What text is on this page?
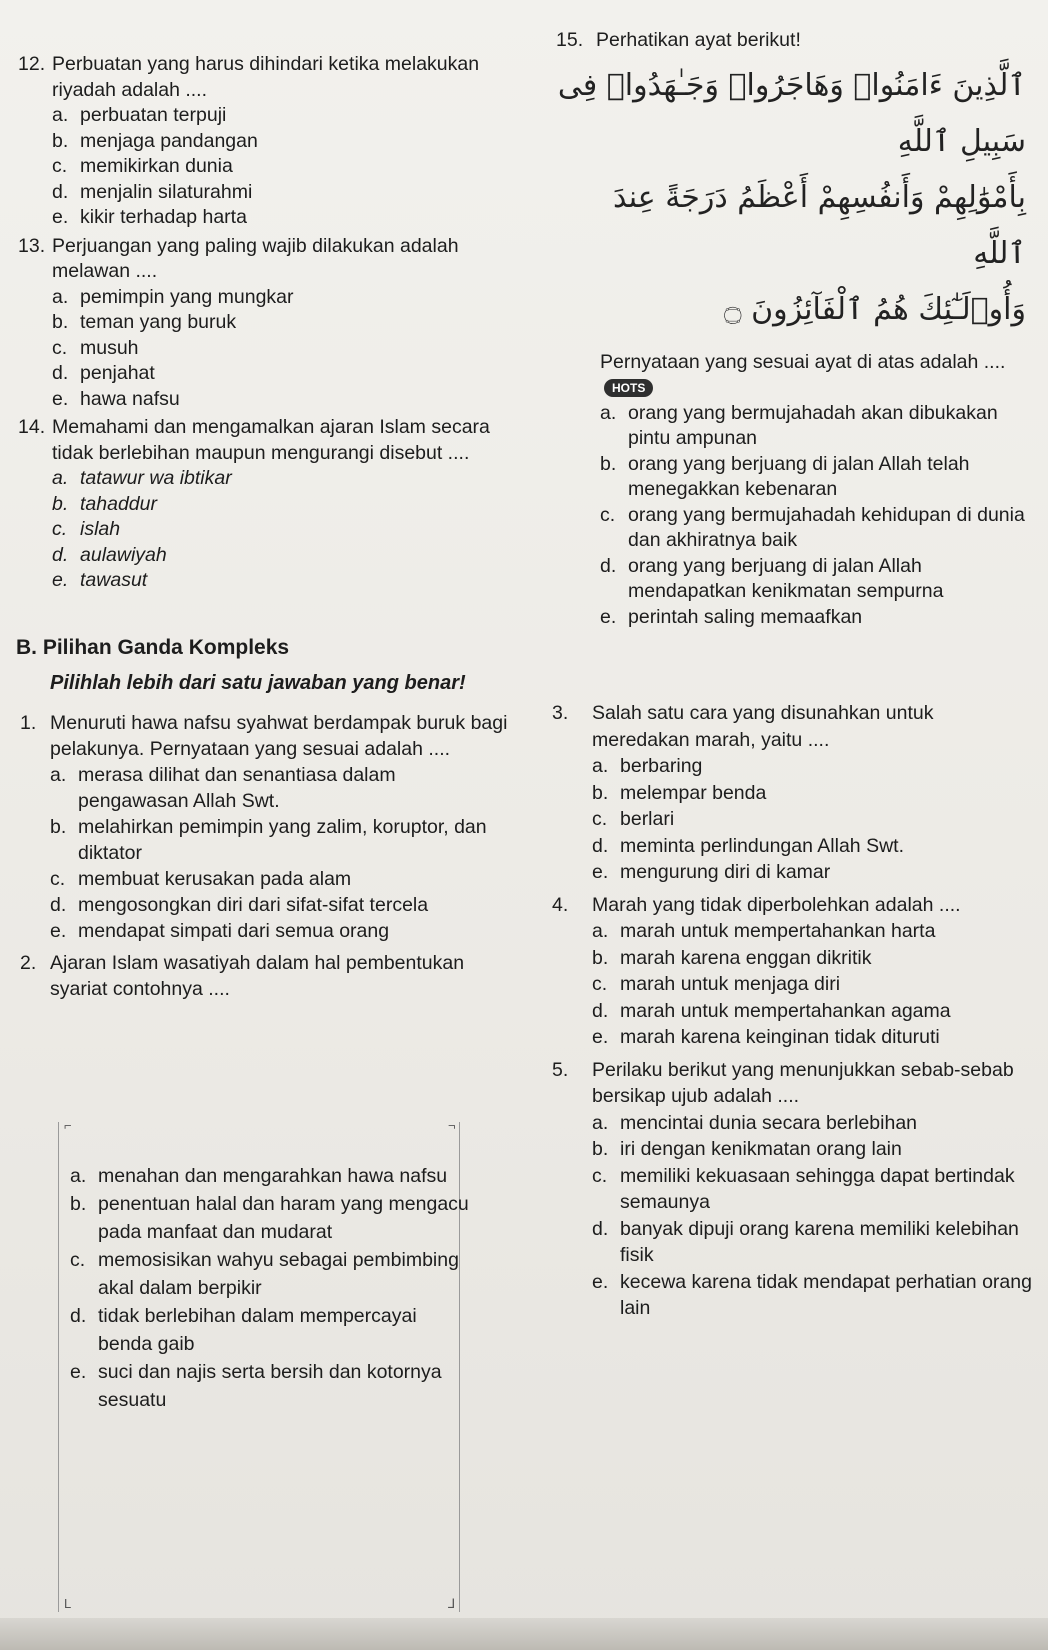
12. Perbuatan yang harus dihindari ketika melakukan riyadah adalah ....
a. perbuatan terpuji
b. menjaga pandangan
c. memikirkan dunia
d. menjalin silaturahmi
e. kikir terhadap harta
13. Perjuangan yang paling wajib dilakukan adalah melawan ....
a. pemimpin yang mungkar
b. teman yang buruk
c. musuh
d. penjahat
e. hawa nafsu
14. Memahami dan mengamalkan ajaran Islam secara tidak berlebihan maupun mengurangi disebut ....
a. tatawur wa ibtikar
b. tahaddur
c. islah
d. aulawiyah
e. tawasut
15. Perhatikan ayat berikut!
ٱلَّذِينَ ءَامَنُوا۟ وَهَاجَرُوا۟ وَجَـٰهَدُوا۟ فِى سَبِيلِ ٱللَّهِ
بِأَمْوَٰلِهِمْ وَأَنفُسِهِمْ أَعْظَمُ دَرَجَةً عِندَ ٱللَّهِ
وَأُو۟لَـٰٓئِكَ هُمُ ٱلْفَآئِزُونَ ۝
Pernyataan yang sesuai ayat di atas adalah ....HOTS
a. orang yang bermujahadah akan dibukakan pintu ampunan
b. orang yang berjuang di jalan Allah telah menegakkan kebenaran
c. orang yang bermujahadah kehidupan di dunia dan akhiratnya baik
d. orang yang berjuang di jalan Allah mendapatkan kenikmatan sempurna
e. perintah saling memaafkan
B. Pilihan Ganda Kompleks
Pilihlah lebih dari satu jawaban yang benar!
1. Menuruti hawa nafsu syahwat berdampak buruk bagi pelakunya. Pernyataan yang sesuai adalah ....
a. merasa dilihat dan senantiasa dalam pengawasan Allah Swt.
b. melahirkan pemimpin yang zalim, koruptor, dan diktator
c. membuat kerusakan pada alam
d. mengosongkan diri dari sifat-sifat tercela
e. mendapat simpati dari semua orang
2. Ajaran Islam wasatiyah dalam hal pembentukan syariat contohnya ....
⌐	¬
L	⅃
a. menahan dan mengarahkan hawa nafsu
b. penentuan halal dan haram yang mengacu pada manfaat dan mudarat
c. memosisikan wahyu sebagai pembimbing akal dalam berpikir
d. tidak berlebihan dalam mempercayai benda gaib
e. suci dan najis serta bersih dan kotornya sesuatu
3.	Salah satu cara yang disunahkan untuk meredakan marah, yaitu ....
a. berbaring
b. melempar benda
c. berlari
d. meminta perlindungan Allah Swt.
e. mengurung diri di kamar
4.	Marah yang tidak diperbolehkan adalah ....
a. marah untuk mempertahankan harta
b. marah karena enggan dikritik
c. marah untuk menjaga diri
d. marah untuk mempertahankan agama
e. marah karena keinginan tidak dituruti
5.	Perilaku berikut yang menunjukkan sebab-sebab bersikap ujub adalah ....
a. mencintai dunia secara berlebihan
b. iri dengan kenikmatan orang lain
c. memiliki kekuasaan sehingga dapat bertindak semaunya
d. banyak dipuji orang karena memiliki kelebihan fisik
e. kecewa karena tidak mendapat perhatian orang lain
